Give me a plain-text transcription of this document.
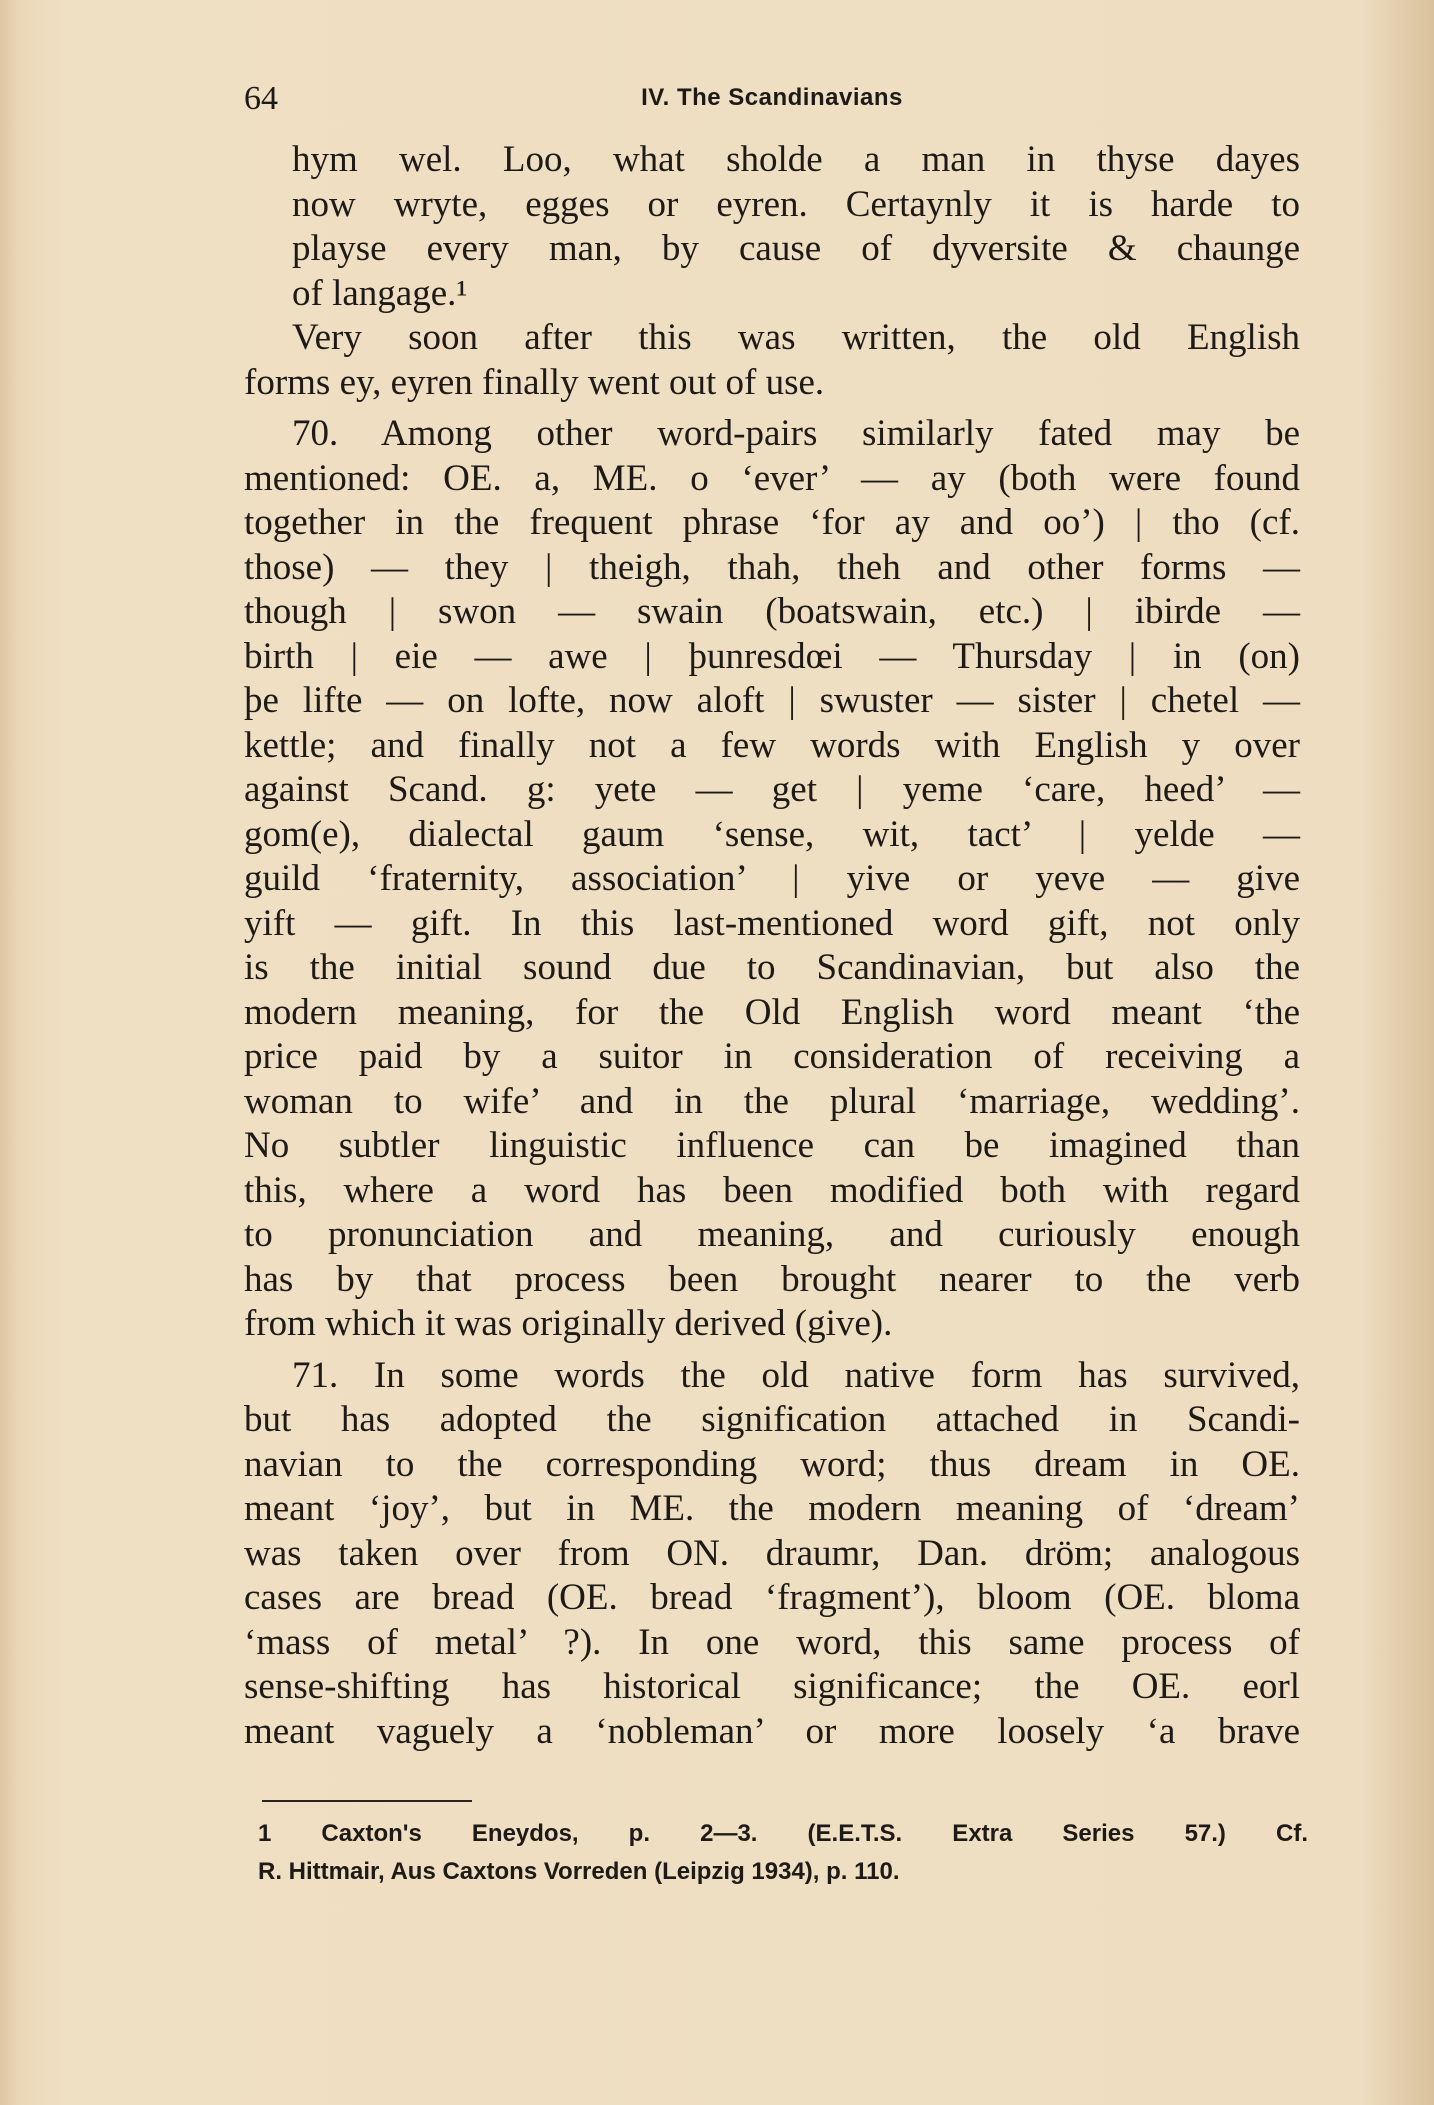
64	IV. The Scandinavians
hym wel. Loo, what sholde a man in thyse dayes
now wryte, egges or eyren. Certaynly it is harde to
playse every man, by cause of dyversite & chaunge
of langage.¹
Very soon after this was written, the old English
forms ey, eyren finally went out of use.
70. Among other word-pairs similarly fated may be
mentioned: OE. a, ME. o ‘ever’ — ay (both were found
together in the frequent phrase ‘for ay and oo’) | tho (cf.
those) — they | theigh, thah, theh and other forms —
though | swon — swain (boatswain, etc.) | ibirde —
birth | eie — awe | þunresdœi — Thursday | in (on)
þe lifte — on lofte, now aloft | swuster — sister | chetel —
kettle; and finally not a few words with English y over
against Scand. g: yete — get | yeme ‘care, heed’ —
gom(e), dialectal gaum ‘sense, wit, tact’ | yelde —
guild ‘fraternity, association’ | yive or yeve — give
yift — gift. In this last-mentioned word gift, not only
is the initial sound due to Scandinavian, but also the
modern meaning, for the Old English word meant ‘the
price paid by a suitor in consideration of receiving a
woman to wife’ and in the plural ‘marriage, wedding’.
No subtler linguistic influence can be imagined than
this, where a word has been modified both with regard
to pronunciation and meaning, and curiously enough
has by that process been brought nearer to the verb
from which it was originally derived (give).
71. In some words the old native form has survived,
but has adopted the signification attached in Scandi-
navian to the corresponding word; thus dream in OE.
meant ‘joy’, but in ME. the modern meaning of ‘dream’
was taken over from ON. draumr, Dan. dröm; analogous
cases are bread (OE. bread ‘fragment’), bloom (OE. bloma
‘mass of metal’ ?). In one word, this same process of
sense-shifting has historical significance; the OE. eorl
meant vaguely a ‘nobleman’ or more loosely ‘a brave
1 Caxton's Eneydos, p. 2—3. (E.E.T.S. Extra Series 57.) Cf.
R. Hittmair, Aus Caxtons Vorreden (Leipzig 1934), p. 110.
